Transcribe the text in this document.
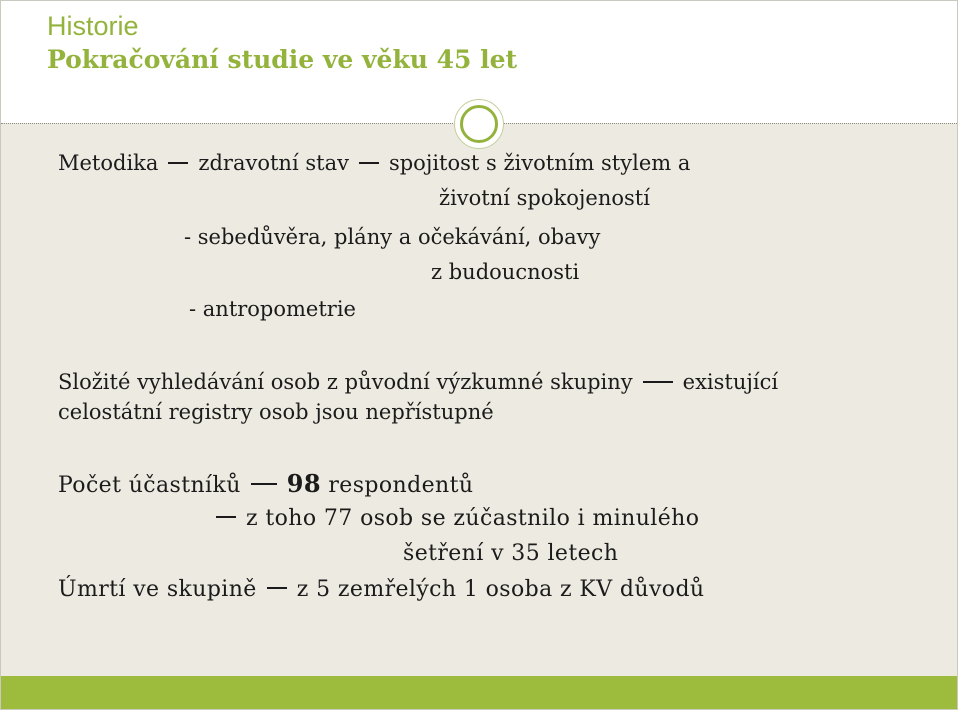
Historie
Pokračování studie ve věku 45 let
Metodika zdravotní stav spojitost s životním stylem a
životní spokojeností
- sebedůvěra, plány a očekávání, obavy
z budoucnosti
- antropometrie
Složité vyhledávání osob z původní výzkumné skupiny existující
celostátní registry osob jsou nepřístupné
Počet účastníků 98 respondentů
z toho 77 osob se zúčastnilo i minulého
šetření v 35 letech
Úmrtí ve skupině z 5 zemřelých 1 osoba z KV důvodů
